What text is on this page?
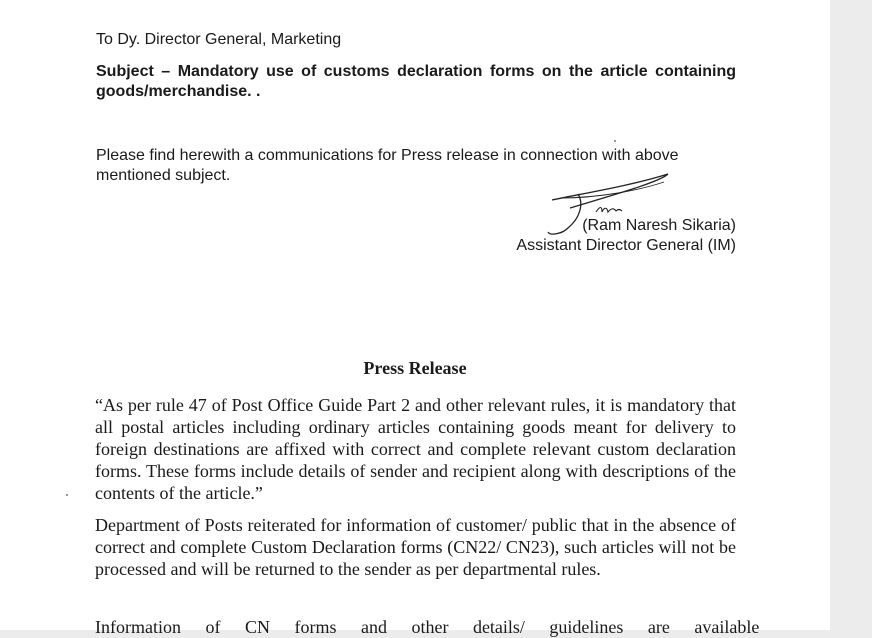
To Dy. Director General, Marketing
Subject – Mandatory use of customs declaration forms on the article containing goods/merchandise. .
Please find herewith a communications for Press release in connection with above mentioned subject.
(Ram Naresh Sikaria)
Assistant Director General (IM)
Press Release
“As per rule 47 of Post Office Guide Part 2 and other relevant rules, it is mandatory that all postal articles including ordinary articles containing goods meant for delivery to foreign destinations are affixed with correct and complete relevant custom declaration forms. These forms include details of sender and recipient along with descriptions of the contents of the article.”
Department of Posts reiterated for information of customer/ public that in the absence of correct and complete Custom Declaration forms (CN22/ CN23), such articles will not be processed and will be returned to the sender as per departmental rules.
Information of CN forms and other details/ guidelines are available
